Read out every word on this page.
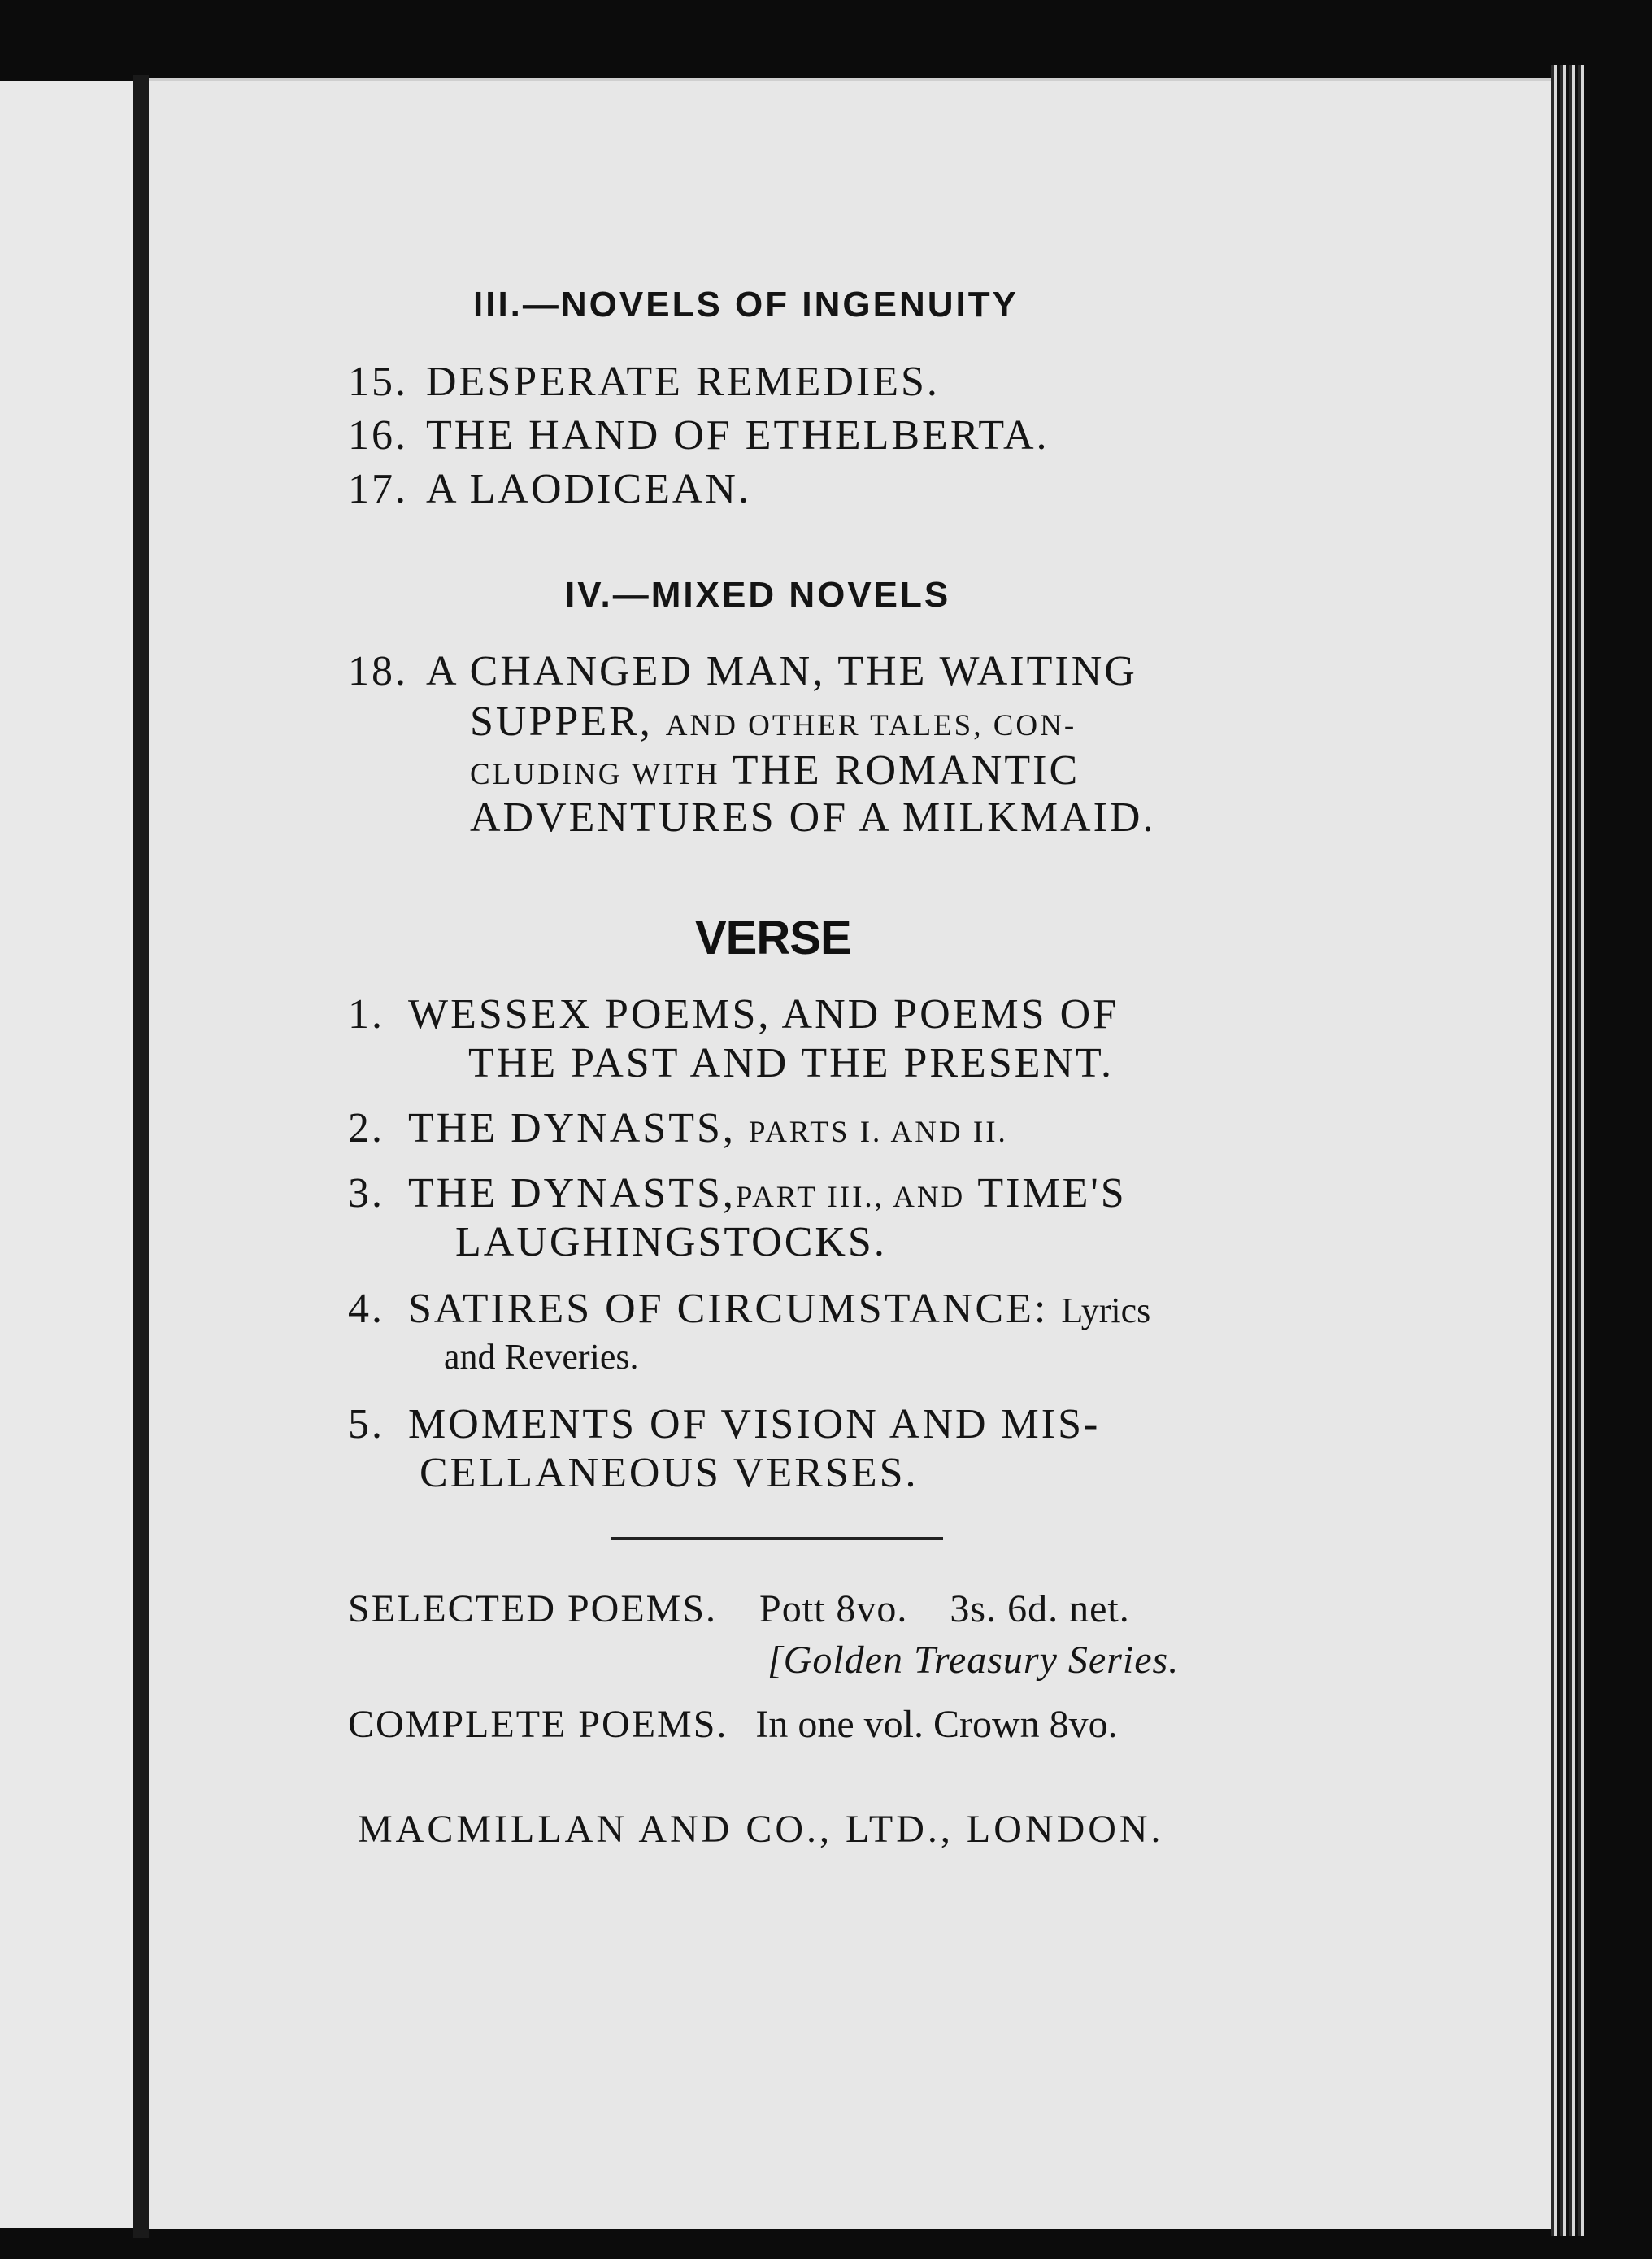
III.—NOVELS OF INGENUITY
15. DESPERATE REMEDIES.
16. THE HAND OF ETHELBERTA.
17. A LAODICEAN.
IV.—MIXED NOVELS
18. A CHANGED MAN, THE WAITING
SUPPER, AND OTHER TALES, CON-
CLUDING WITH THE ROMANTIC
ADVENTURES OF A MILKMAID.
VERSE
1. WESSEX POEMS, AND POEMS OF
THE PAST AND THE PRESENT.
2. THE DYNASTS, PARTS I. AND II.
3. THE DYNASTS,PART III., AND TIME'S
LAUGHINGSTOCKS.
4. SATIRES OF CIRCUMSTANCE: Lyrics
and Reveries.
5. MOMENTS OF VISION AND MIS-
CELLANEOUS VERSES.
SELECTED POEMS. Pott 8vo. 3s. 6d. net.
[Golden Treasury Series.
COMPLETE POEMS. In one vol. Crown 8vo.
MACMILLAN AND CO., LTD., LONDON.
